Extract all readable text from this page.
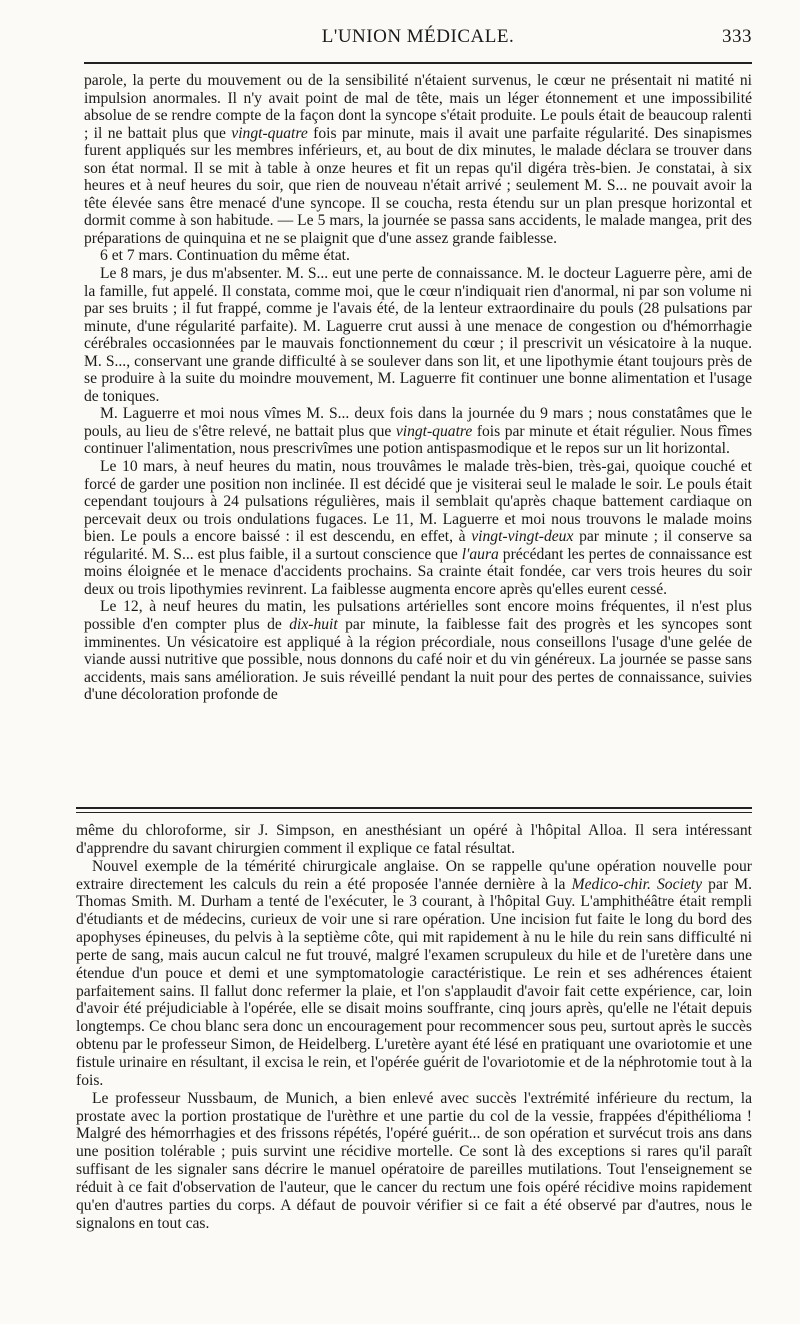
L'UNION MÉDICALE.	333

parole, la perte du mouvement ou de la sensibilité n'étaient survenus, le cœur ne présentait ni matité ni impulsion anormales. Il n'y avait point de mal de tête, mais un léger étonnement et une impossibilité absolue de se rendre compte de la façon dont la syncope s'était produite. Le pouls était de beaucoup ralenti ; il ne battait plus que vingt-quatre fois par minute, mais il avait une parfaite régularité. Des sinapismes furent appliqués sur les membres inférieurs, et, au bout de dix minutes, le malade déclara se trouver dans son état normal. Il se mit à table à onze heures et fit un repas qu'il digéra très-bien. Je constatai, à six heures et à neuf heures du soir, que rien de nouveau n'était arrivé ; seulement M. S... ne pouvait avoir la tête élevée sans être menacé d'une syncope. Il se coucha, resta étendu sur un plan presque horizontal et dormit comme à son habitude. — Le 5 mars, la journée se passa sans accidents, le malade mangea, prit des préparations de quinquina et ne se plaignit que d'une assez grande faiblesse.

6 et 7 mars. Continuation du même état.

Le 8 mars, je dus m'absenter. M. S... eut une perte de connaissance. M. le docteur Laguerre père, ami de la famille, fut appelé. Il constata, comme moi, que le cœur n'indiquait rien d'anormal, ni par son volume ni par ses bruits ; il fut frappé, comme je l'avais été, de la lenteur extraordinaire du pouls (28 pulsations par minute, d'une régularité parfaite). M. Laguerre crut aussi à une menace de congestion ou d'hémorrhagie cérébrales occasionnées par le mauvais fonctionnement du cœur ; il prescrivit un vésicatoire à la nuque. M. S..., conservant une grande difficulté à se soulever dans son lit, et une lipothymie étant toujours près de se produire à la suite du moindre mouvement, M. Laguerre fit continuer une bonne alimentation et l'usage de toniques.

M. Laguerre et moi nous vîmes M. S... deux fois dans la journée du 9 mars ; nous constatâmes que le pouls, au lieu de s'être relevé, ne battait plus que vingt-quatre fois par minute et était régulier. Nous fîmes continuer l'alimentation, nous prescrivîmes une potion antispasmodique et le repos sur un lit horizontal.

Le 10 mars, à neuf heures du matin, nous trouvâmes le malade très-bien, très-gai, quoique couché et forcé de garder une position non inclinée. Il est décidé que je visiterai seul le malade le soir. Le pouls était cependant toujours à 24 pulsations régulières, mais il semblait qu'après chaque battement cardiaque on percevait deux ou trois ondulations fugaces. Le 11, M. Laguerre et moi nous trouvons le malade moins bien. Le pouls a encore baissé : il est descendu, en effet, à vingt-vingt-deux par minute ; il conserve sa régularité. M. S... est plus faible, il a surtout conscience que l'aura précédant les pertes de connaissance est moins éloignée et le menace d'accidents prochains. Sa crainte était fondée, car vers trois heures du soir deux ou trois lipothymies revinrent. La faiblesse augmenta encore après qu'elles eurent cessé.

Le 12, à neuf heures du matin, les pulsations artérielles sont encore moins fréquentes, il n'est plus possible d'en compter plus de dix-huit par minute, la faiblesse fait des progrès et les syncopes sont imminentes. Un vésicatoire est appliqué à la région précordiale, nous conseillons l'usage d'une gelée de viande aussi nutritive que possible, nous donnons du café noir et du vin généreux. La journée se passe sans accidents, mais sans amélioration. Je suis réveillé pendant la nuit pour des pertes de connaissance, suivies d'une décoloration profonde de

même du chloroforme, sir J. Simpson, en anesthésiant un opéré à l'hôpital Alloa. Il sera intéressant d'apprendre du savant chirurgien comment il explique ce fatal résultat.

Nouvel exemple de la témérité chirurgicale anglaise. On se rappelle qu'une opération nouvelle pour extraire directement les calculs du rein a été proposée l'année dernière à la Medico-chir. Society par M. Thomas Smith. M. Durham a tenté de l'exécuter, le 3 courant, à l'hôpital Guy. L'amphithéâtre était rempli d'étudiants et de médecins, curieux de voir une si rare opération. Une incision fut faite le long du bord des apophyses épineuses, du pelvis à la septième côte, qui mit rapidement à nu le hile du rein sans difficulté ni perte de sang, mais aucun calcul ne fut trouvé, malgré l'examen scrupuleux du hile et de l'uretère dans une étendue d'un pouce et demi et une symptomatologie caractéristique. Le rein et ses adhérences étaient parfaitement sains. Il fallut donc refermer la plaie, et l'on s'applaudit d'avoir fait cette expérience, car, loin d'avoir été préjudiciable à l'opérée, elle se disait moins souffrante, cinq jours après, qu'elle ne l'était depuis longtemps. Ce chou blanc sera donc un encouragement pour recommencer sous peu, surtout après le succès obtenu par le professeur Simon, de Heidelberg. L'uretère ayant été lésé en pratiquant une ovariotomie et une fistule urinaire en résultant, il excisa le rein, et l'opérée guérit de l'ovariotomie et de la néphrotomie tout à la fois.

Le professeur Nussbaum, de Munich, a bien enlevé avec succès l'extrémité inférieure du rectum, la prostate avec la portion prostatique de l'urèthre et une partie du col de la vessie, frappées d'épithélioma ! Malgré des hémorrhagies et des frissons répétés, l'opéré guérit... de son opération et survécut trois ans dans une position tolérable ; puis survint une récidive mortelle. Ce sont là des exceptions si rares qu'il paraît suffisant de les signaler sans décrire le manuel opératoire de pareilles mutilations. Tout l'enseignement se réduit à ce fait d'observation de l'auteur, que le cancer du rectum une fois opéré récidive moins rapidement qu'en d'autres parties du corps. A défaut de pouvoir vérifier si ce fait a été observé par d'autres, nous le signalons en tout cas.
